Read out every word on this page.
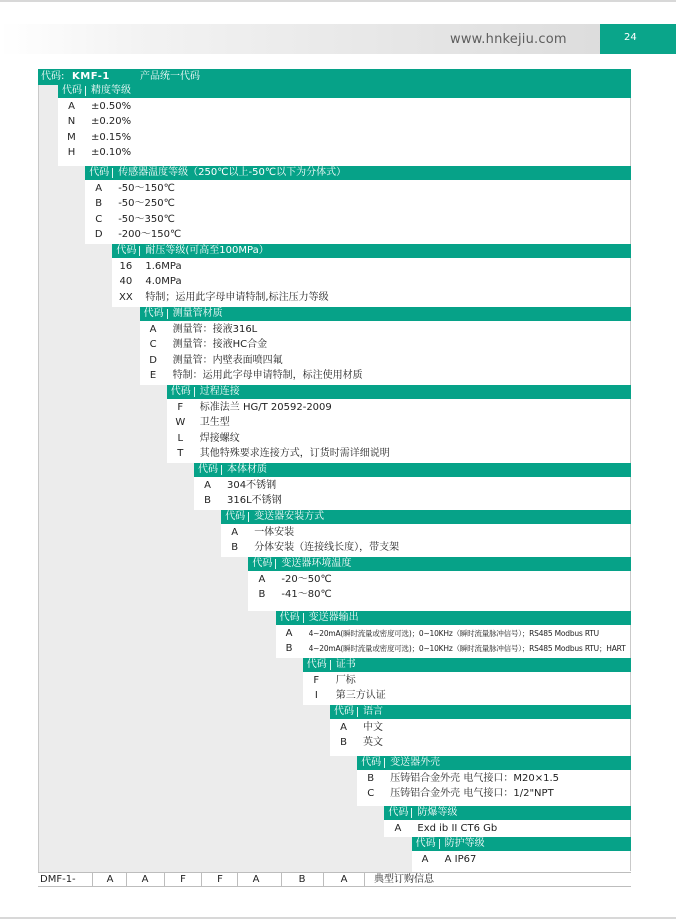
www.hnkejiu.com	24
代码: KMF-1	产品统一代码
代码 精度等级
A	±0.50%
N	±0.20%
M	±0.15%
H	±0.10%
代码 传感器温度等级（250℃以上-50℃以下为分体式）
A	-50～150℃
B	-50～250℃
C	-50～350℃
D	-200～150℃
代码 耐压等级(可高至100MPa）
16	1.6MPa
40	4.0MPa
XX	特制；运用此字母申请特制,标注压力等级
代码 测量管材质
A	测量管：接液316L
C	测量管：接液HC合金
D	测量管：内壁表面喷四氟
E	特制：运用此字母申请特制，标注使用材质
代码 过程连接
F	标准法兰 HG/T 20592-2009
W	卫生型
L	焊接螺纹
T	其他特殊要求连接方式，订货时需详细说明
代码 本体材质
A	304不锈钢
B	316L不锈钢
代码 变送器安装方式
A	一体安装
B	分体安装（连接线长度），带支架
代码 变送器环境温度
A	-20～50℃
B	-41～80℃
代码 变送器输出
A	4~20mA(瞬时流量或密度可选)；0~10KHz（瞬时流量脉冲信号）；RS485 Modbus RTU
B	4~20mA(瞬时流量或密度可选)；0~10KHz（瞬时流量脉冲信号）；RS485 Modbus RTU；HART
代码 证书
F	厂标
I	第三方认证
代码 语言
A	中文
B	英文
代码 变送器外壳
B	压铸铝合金外壳 电气接口：M20×1.5
C	压铸铝合金外壳 电气接口：1/2"NPT
代码 防爆等级
A	Exd ib II CT6 Gb
代码 防护等级
A	A IP67
DMF-1-	A	A	F	F	A	B	A	典型订购信息
